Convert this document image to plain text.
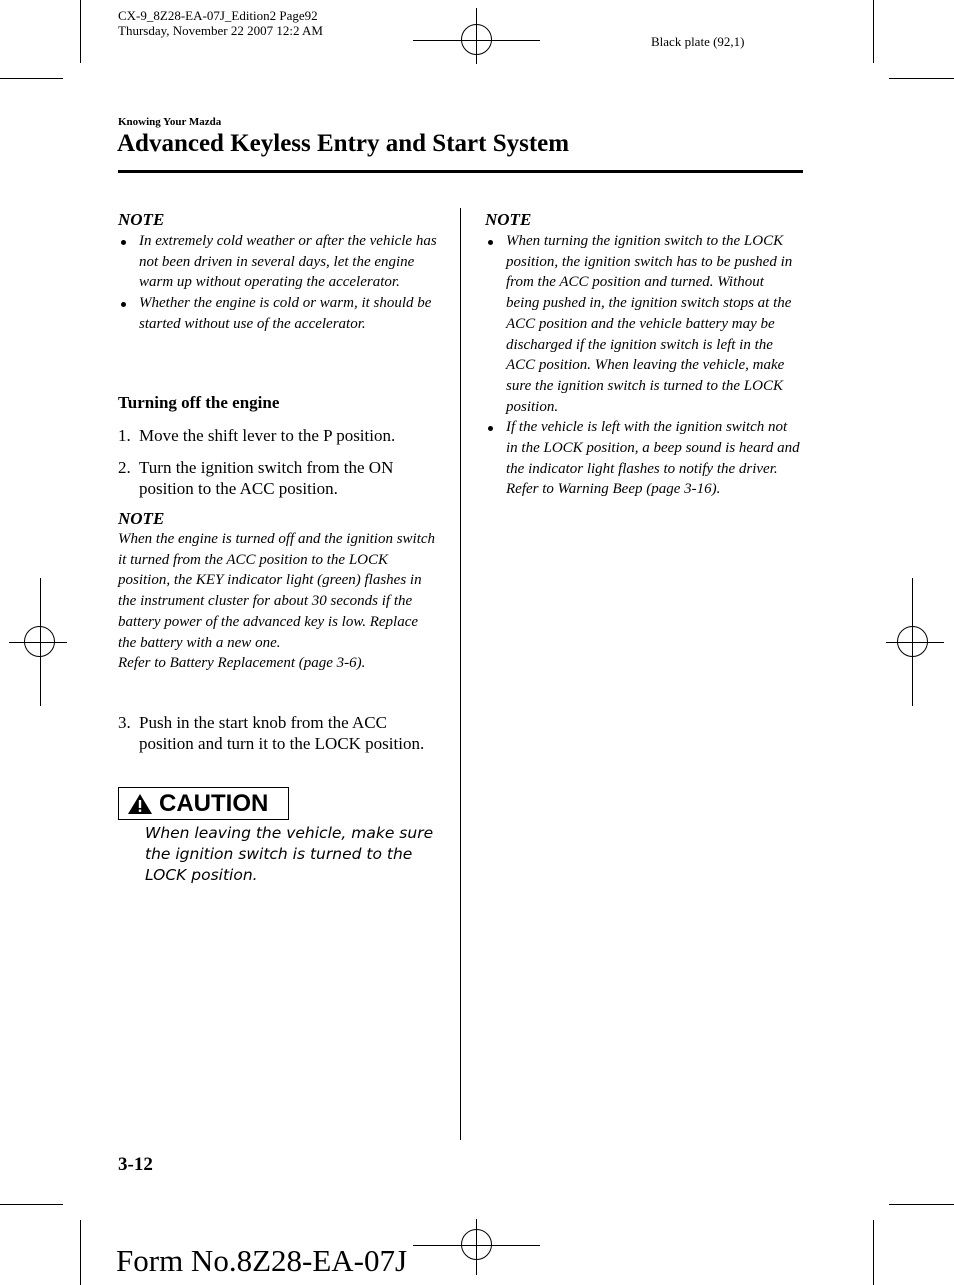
CX-9_8Z28-EA-07J_Edition2 Page92
Thursday, November 22 2007 12:2 AM
Black plate (92,1)
Knowing Your Mazda
Advanced Keyless Entry and Start System
NOTE
In extremely cold weather or after the vehicle has not been driven in several days, let the engine warm up without operating the accelerator.
Whether the engine is cold or warm, it should be started without use of the accelerator.
Turning off the engine
1. Move the shift lever to the P position.
2. Turn the ignition switch from the ON position to the ACC position.
NOTE
When the engine is turned off and the ignition switch it turned from the ACC position to the LOCK position, the KEY indicator light (green) flashes in the instrument cluster for about 30 seconds if the battery power of the advanced key is low. Replace the battery with a new one.
Refer to Battery Replacement (page 3-6).
3. Push in the start knob from the ACC position and turn it to the LOCK position.
CAUTION
When leaving the vehicle, make sure the ignition switch is turned to the LOCK position.
NOTE
When turning the ignition switch to the LOCK position, the ignition switch has to be pushed in from the ACC position and turned. Without being pushed in, the ignition switch stops at the ACC position and the vehicle battery may be discharged if the ignition switch is left in the ACC position. When leaving the vehicle, make sure the ignition switch is turned to the LOCK position.
If the vehicle is left with the ignition switch not in the LOCK position, a beep sound is heard and the indicator light flashes to notify the driver.
Refer to Warning Beep (page 3-16).
3-12
Form No.8Z28-EA-07J
